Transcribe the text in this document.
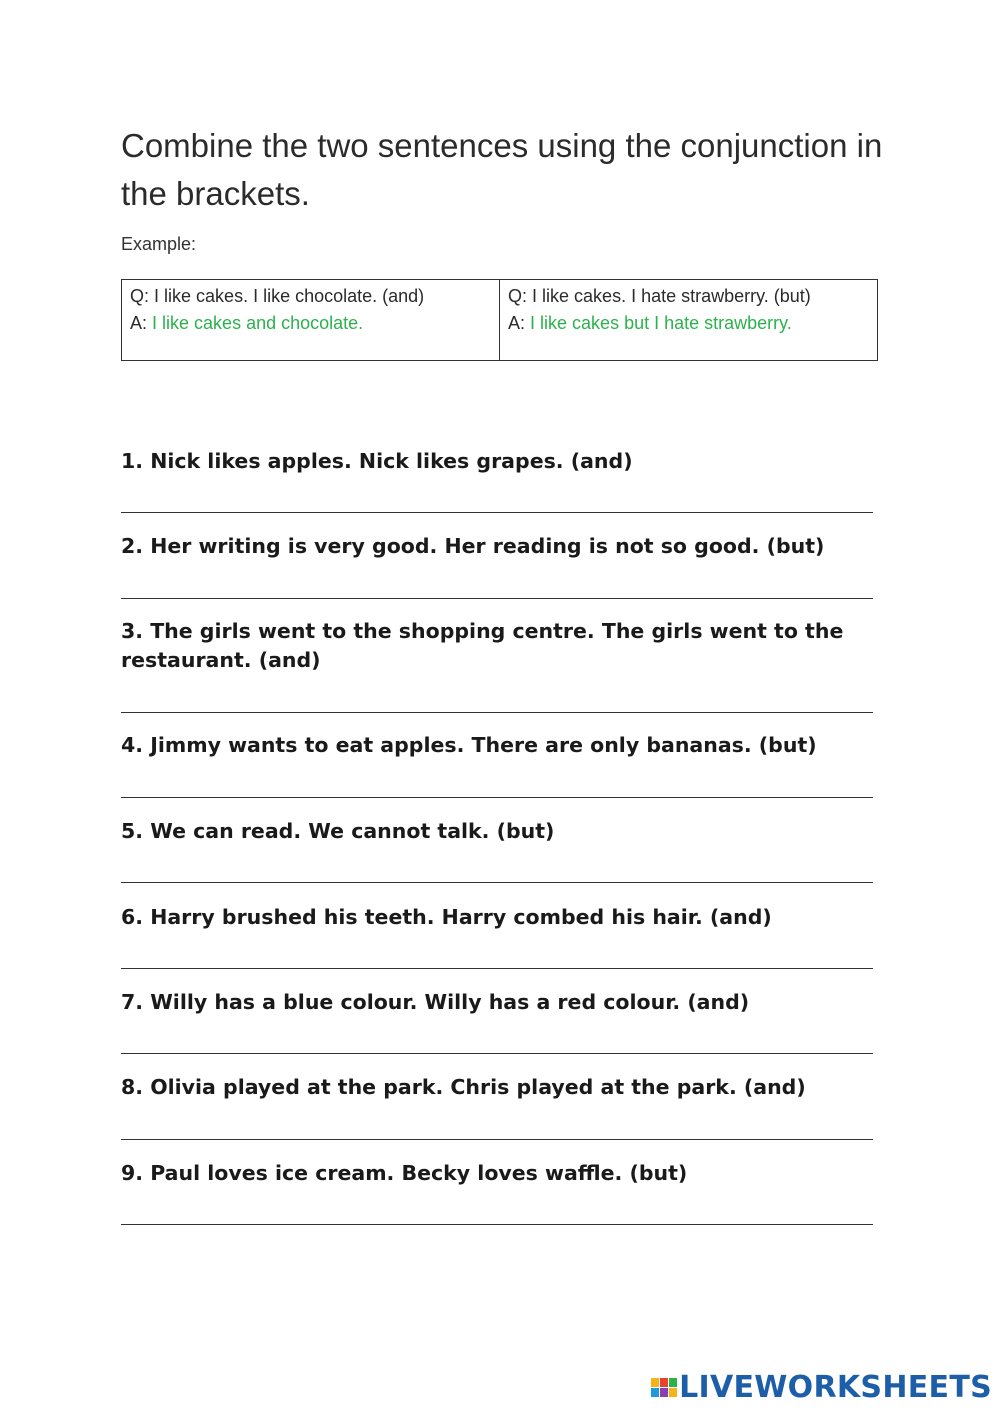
Combine the two sentences using the conjunction in the brackets.
Example:
Q: I like cakes. I like chocolate. (and)
A: I like cakes and chocolate.
Q: I like cakes. I hate strawberry. (but)
A: I like cakes but I hate strawberry.

1. Nick likes apples. Nick likes grapes. (and)

2. Her writing is very good. Her reading is not so good. (but)

3. The girls went to the shopping centre. The girls went to the restaurant. (and)

4. Jimmy wants to eat apples. There are only bananas. (but)

5. We can read. We cannot talk. (but)

6. Harry brushed his teeth. Harry combed his hair. (and)

7. Willy has a blue colour. Willy has a red colour. (and)

8. Olivia played at the park. Chris played at the park. (and)

9. Paul loves ice cream. Becky loves waffle. (but)

LIVEWORKSHEETS
